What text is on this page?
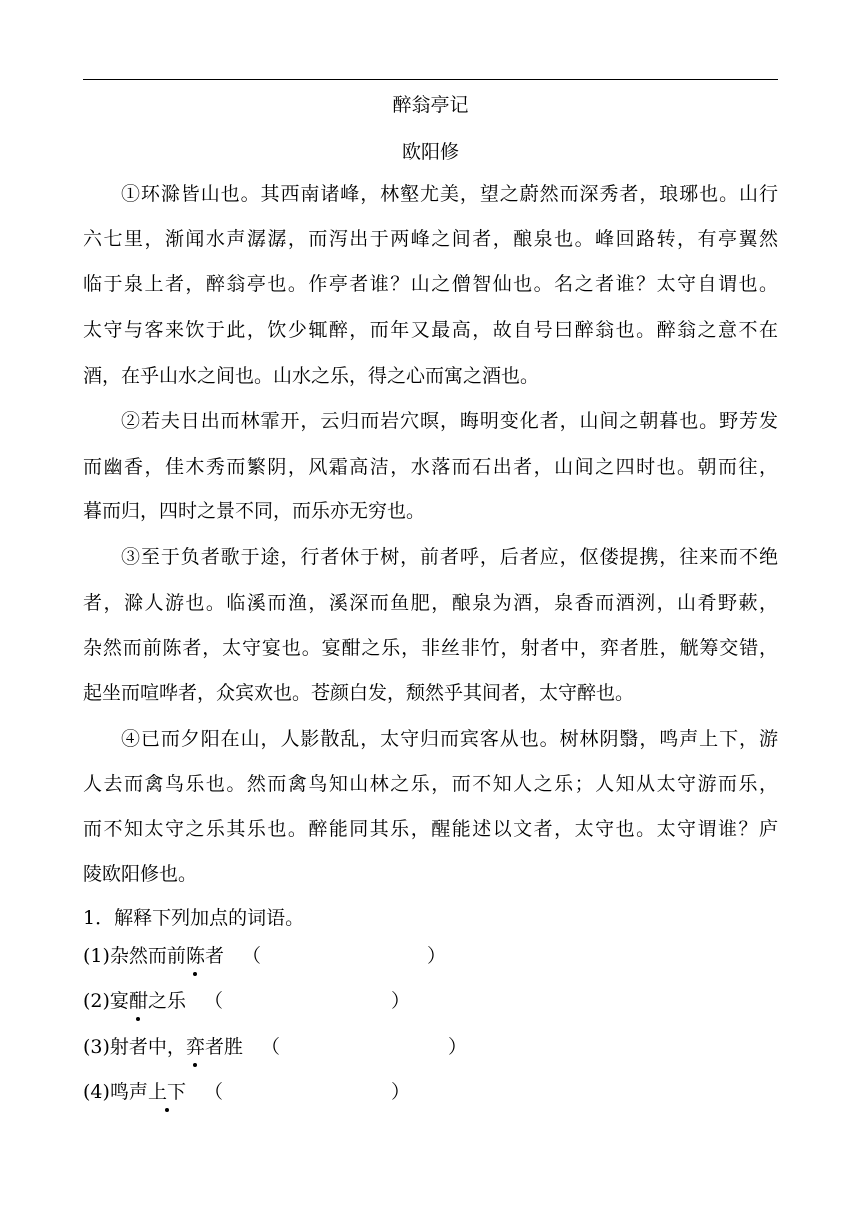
醉翁亭记
欧阳修
①环滁皆山也。其西南诸峰，林壑尤美，望之蔚然而深秀者，琅琊也。山行
六七里，渐闻水声潺潺，而泻出于两峰之间者，酿泉也。峰回路转，有亭翼然
临于泉上者，醉翁亭也。作亭者谁？山之僧智仙也。名之者谁？太守自谓也。
太守与客来饮于此，饮少辄醉，而年又最高，故自号曰醉翁也。醉翁之意不在
酒，在乎山水之间也。山水之乐，得之心而寓之酒也。
②若夫日出而林霏开，云归而岩穴暝，晦明变化者，山间之朝暮也。野芳发
而幽香，佳木秀而繁阴，风霜高洁，水落而石出者，山间之四时也。朝而往，
暮而归，四时之景不同，而乐亦无穷也。
③至于负者歌于途，行者休于树，前者呼，后者应，伛偻提携，往来而不绝
者，滁人游也。临溪而渔，溪深而鱼肥，酿泉为酒，泉香而酒洌，山肴野蔌，
杂然而前陈者，太守宴也。宴酣之乐，非丝非竹，射者中，弈者胜，觥筹交错，
起坐而喧哗者，众宾欢也。苍颜白发，颓然乎其间者，太守醉也。
④已而夕阳在山，人影散乱，太守归而宾客从也。树林阴翳，鸣声上下，游
人去而禽鸟乐也。然而禽鸟知山林之乐，而不知人之乐；人知从太守游而乐，
而不知太守之乐其乐也。醉能同其乐，醒能述以文者，太守也。太守谓谁？庐
陵欧阳修也。
1．解释下列加点的词语。
(1)杂然而前陈者 （	）
(2)宴酣之乐 （	）
(3)射者中，弈者胜 （	）
(4)鸣声上下 （	）
